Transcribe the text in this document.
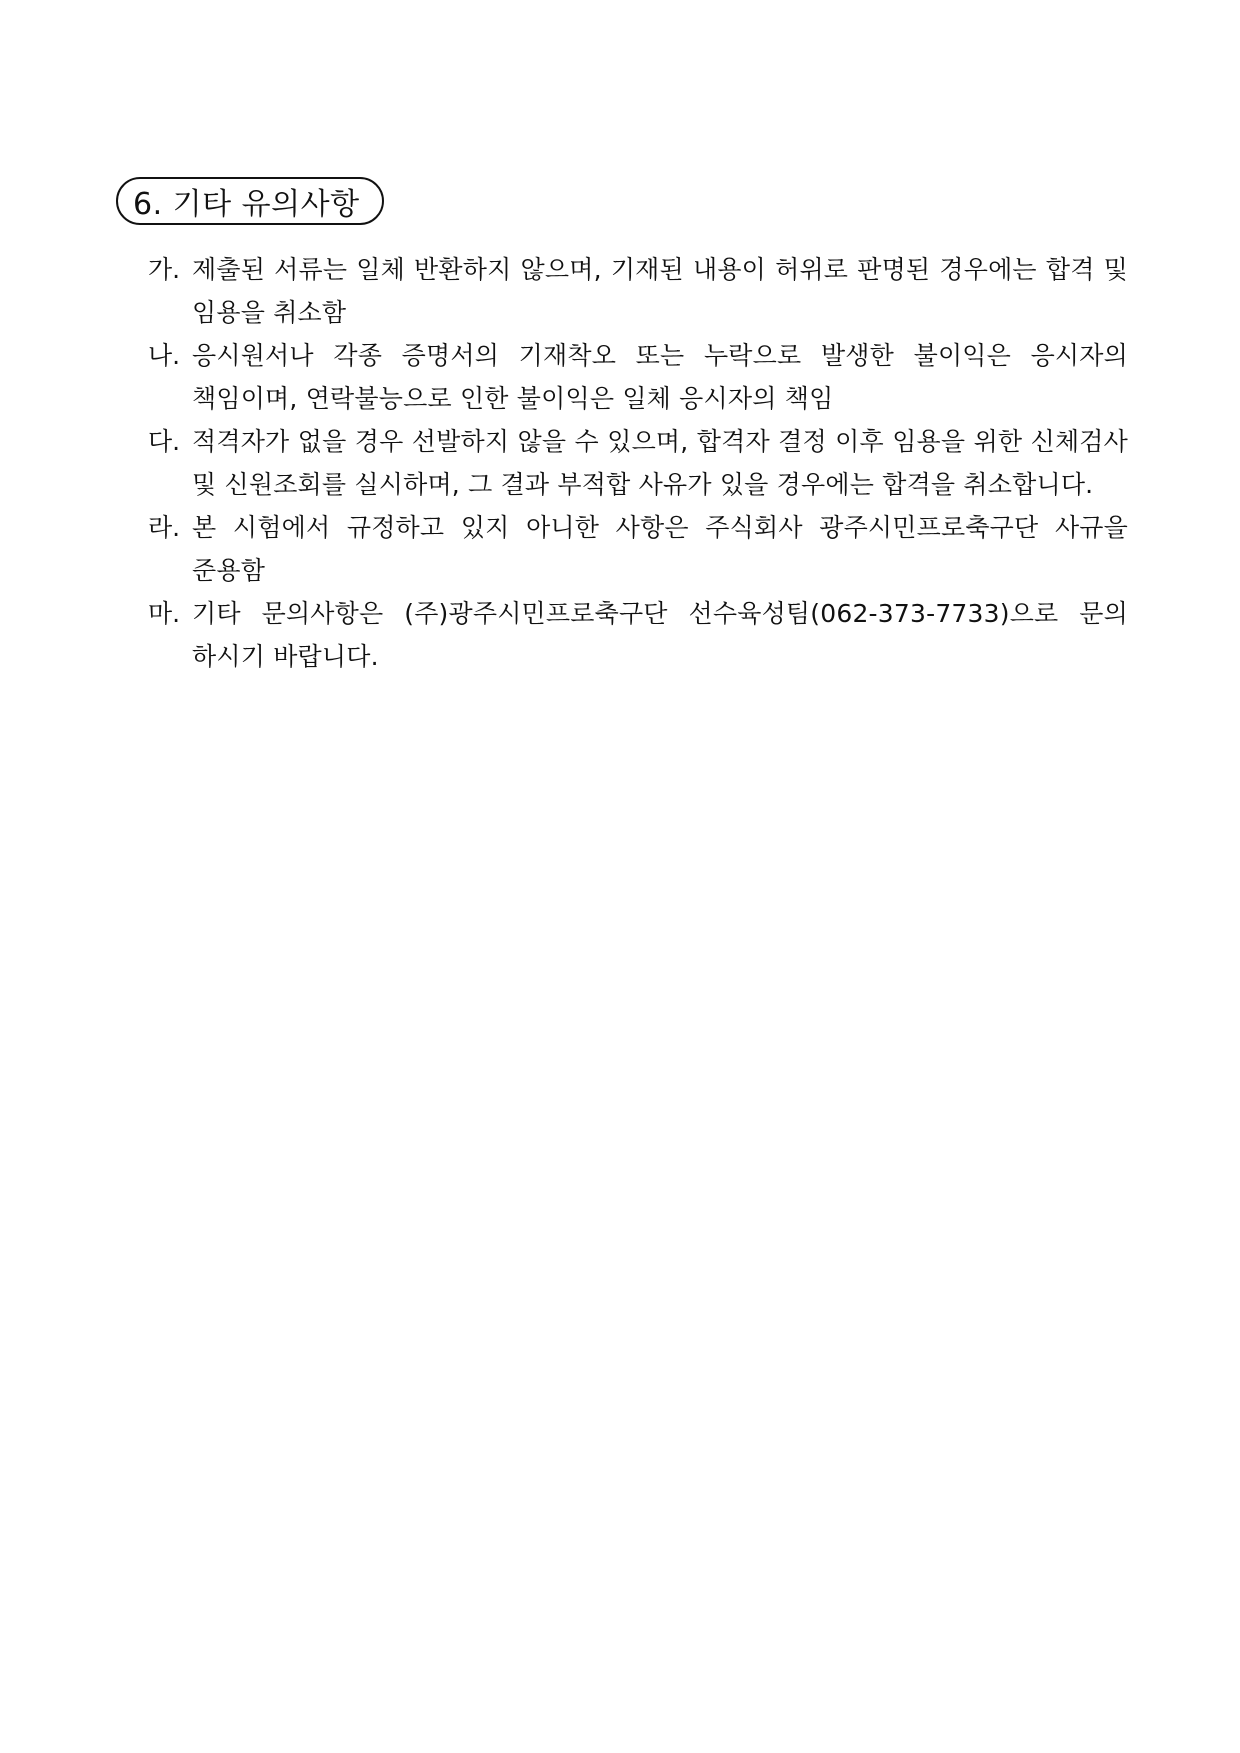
6. 기타 유의사항
가. 제출된 서류는 일체 반환하지 않으며, 기재된 내용이 허위로 판명된 경우에는 합격 및 임용을 취소함
나. 응시원서나 각종 증명서의 기재착오 또는 누락으로 발생한 불이익은 응시자의 책임이며, 연락불능으로 인한 불이익은 일체 응시자의 책임
다. 적격자가 없을 경우 선발하지 않을 수 있으며, 합격자 결정 이후 임용을 위한 신체검사 및 신원조회를 실시하며, 그 결과 부적합 사유가 있을 경우에는 합격을 취소합니다.
라. 본 시험에서 규정하고 있지 아니한 사항은 주식회사 광주시민프로축구단 사규을 준용함
마. 기타 문의사항은 (주)광주시민프로축구단 선수육성팀(062-373-7733)으로 문의 하시기 바랍니다.
